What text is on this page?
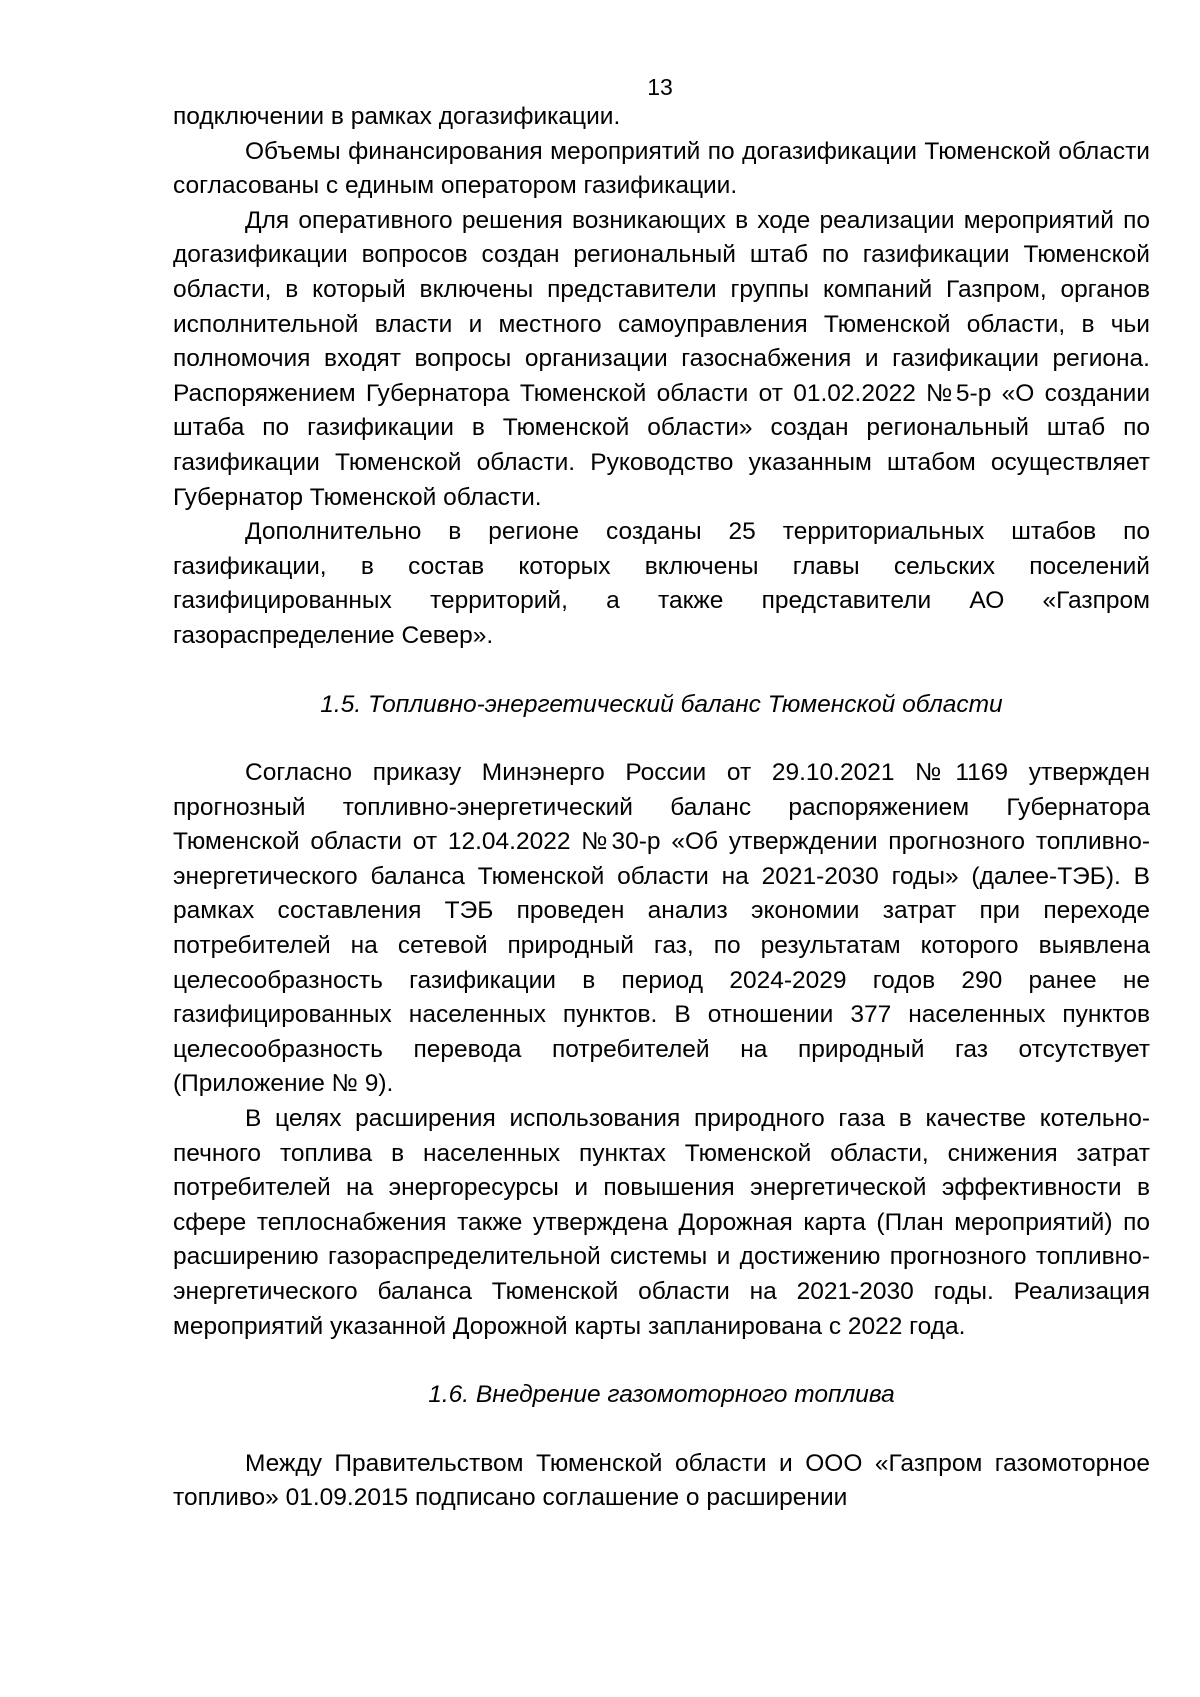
13

подключении в рамках догазификации.

Объемы финансирования мероприятий по догазификации Тюменской области согласованы с единым оператором газификации.

Для оперативного решения возникающих в ходе реализации мероприятий по догазификации вопросов создан региональный штаб по газификации Тюменской области, в который включены представители группы компаний Газпром, органов исполнительной власти и местного самоуправления Тюменской области, в чьи полномочия входят вопросы организации газоснабжения и газификации региона. Распоряжением Губернатора Тюменской области от 01.02.2022 №5-р «О создании штаба по газификации в Тюменской области» создан региональный штаб по газификации Тюменской области. Руководство указанным штабом осуществляет Губернатор Тюменской области.

Дополнительно в регионе созданы 25 территориальных штабов по газификации, в состав которых включены главы сельских поселений газифицированных территорий, а также представители АО «Газпром газораспределение Север».

1.5. Топливно-энергетический баланс Тюменской области

Согласно приказу Минэнерго России от 29.10.2021 №1169 утвержден прогнозный топливно-энергетический баланс распоряжением Губернатора Тюменской области от 12.04.2022 №30-р «Об утверждении прогнозного топливно-энергетического баланса Тюменской области на 2021-2030 годы» (далее-ТЭБ). В рамках составления ТЭБ проведен анализ экономии затрат при переходе потребителей на сетевой природный газ, по результатам которого выявлена целесообразность газификации в период 2024-2029 годов 290 ранее не газифицированных населенных пунктов. В отношении 377 населенных пунктов целесообразность перевода потребителей на природный газ отсутствует (Приложение № 9).

В целях расширения использования природного газа в качестве котельно-печного топлива в населенных пунктах Тюменской области, снижения затрат потребителей на энергоресурсы и повышения энергетической эффективности в сфере теплоснабжения также утверждена Дорожная карта (План мероприятий) по расширению газораспределительной системы и достижению прогнозного топливно-энергетического баланса Тюменской области на 2021-2030 годы. Реализация мероприятий указанной Дорожной карты запланирована с 2022 года.

1.6. Внедрение газомоторного топлива

Между Правительством Тюменской области и ООО «Газпром газомоторное топливо» 01.09.2015 подписано соглашение о расширении
